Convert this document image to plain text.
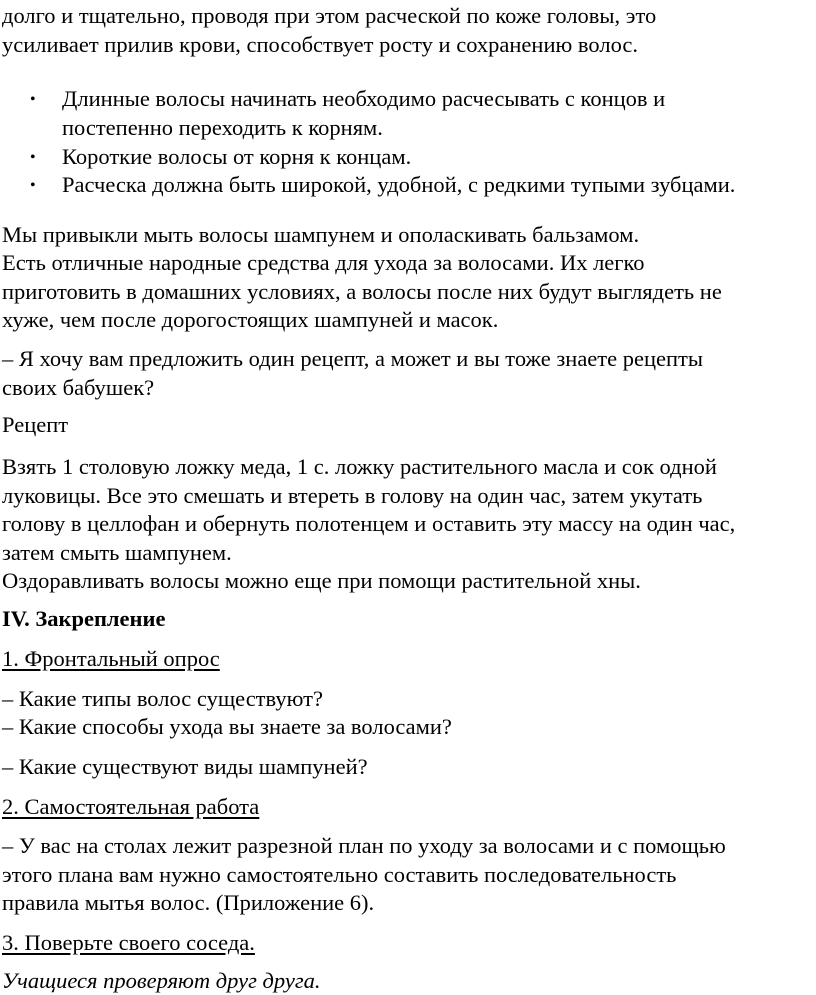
долго и тщательно, проводя при этом расческой по коже головы, это
усиливает прилив крови, способствует росту и сохранению волос.
• Длинные волосы начинать необходимо расчесывать с концов и
постепенно переходить к корням.
• Короткие волосы от корня к концам.
• Расческа должна быть широкой, удобной, с редкими тупыми зубцами.
Мы привыкли мыть волосы шампунем и ополаскивать бальзамом.
Есть отличные народные средства для ухода за волосами. Их легко
приготовить в домашних условиях, а волосы после них будут выглядеть не
хуже, чем после дорогостоящих шампуней и масок.
– Я хочу вам предложить один рецепт, а может и вы тоже знаете рецепты
своих бабушек?
Рецепт
Взять 1 столовую ложку меда, 1 с. ложку растительного масла и сок одной
луковицы. Все это смешать и втереть в голову на один час, затем укутать
голову в целлофан и обернуть полотенцем и оставить эту массу на один час,
затем смыть шампунем.
Оздоравливать волосы можно еще при помощи растительной хны.
IV. Закрепление
1. Фронтальный опрос
– Какие типы волос существуют?
– Какие способы ухода вы знаете за волосами?
– Какие существуют виды шампуней?
2. Самостоятельная работа
– У вас на столах лежит разрезной план по уходу за волосами и с помощью
этого плана вам нужно самостоятельно составить последовательность
правила мытья волос. (Приложение 6).
3. Поверьте своего соседа.
Учащиеся проверяют друг друга.
